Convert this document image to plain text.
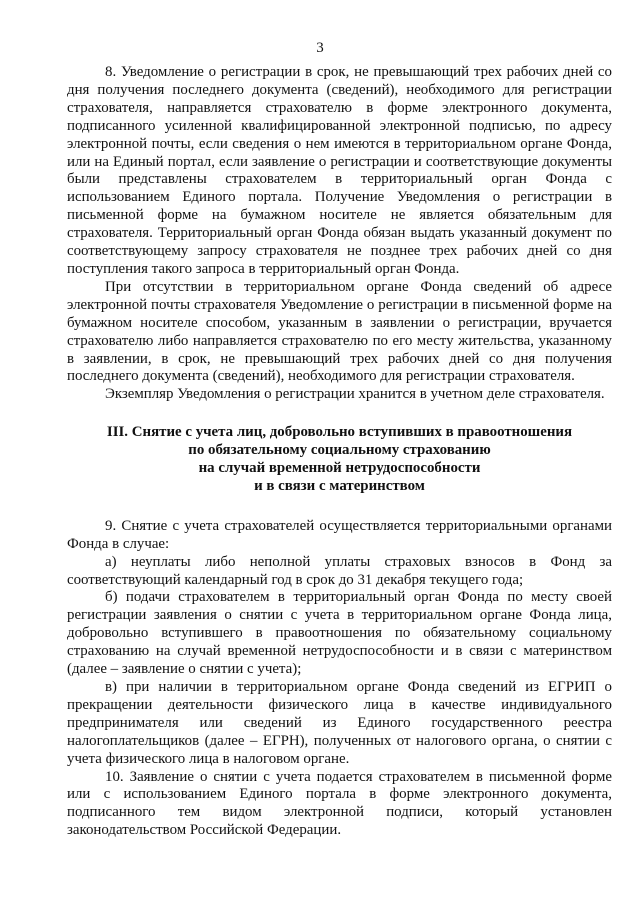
3

8. Уведомление о регистрации в срок, не превышающий трех рабочих дней со дня получения последнего документа (сведений), необходимого для регистрации страхователя, направляется страхователю в форме электронного документа, подписанного усиленной квалифицированной электронной подписью, по адресу электронной почты, если сведения о нем имеются в территориальном органе Фонда, или на Единый портал, если заявление о регистрации и соответствующие документы были представлены страхователем в территориальный орган Фонда с использованием Единого портала. Получение Уведомления о регистрации в письменной форме на бумажном носителе не является обязательным для страхователя. Территориальный орган Фонда обязан выдать указанный документ по соответствующему запросу страхователя не позднее трех рабочих дней со дня поступления такого запроса в территориальный орган Фонда.

При отсутствии в территориальном органе Фонда сведений об адресе электронной почты страхователя Уведомление о регистрации в письменной форме на бумажном носителе способом, указанным в заявлении о регистрации, вручается страхователю либо направляется страхователю по его месту жительства, указанному в заявлении, в срок, не превышающий трех рабочих дней со дня получения последнего документа (сведений), необходимого для регистрации страхователя.

Экземпляр Уведомления о регистрации хранится в учетном деле страхователя.

III. Снятие с учета лиц, добровольно вступивших в правоотношения
по обязательному социальному страхованию
на случай временной нетрудоспособности
и в связи с материнством

9. Снятие с учета страхователей осуществляется территориальными органами Фонда в случае:

а) неуплаты либо неполной уплаты страховых взносов в Фонд за соответствующий календарный год в срок до 31 декабря текущего года;

б) подачи страхователем в территориальный орган Фонда по месту своей регистрации заявления о снятии с учета в территориальном органе Фонда лица, добровольно вступившего в правоотношения по обязательному социальному страхованию на случай временной нетрудоспособности и в связи с материнством (далее – заявление о снятии с учета);

в) при наличии в территориальном органе Фонда сведений из ЕГРИП о прекращении деятельности физического лица в качестве индивидуального предпринимателя или сведений из Единого государственного реестра налогоплательщиков (далее – ЕГРН), полученных от налогового органа, о снятии с учета физического лица в налоговом органе.

10. Заявление о снятии с учета подается страхователем в письменной форме или с использованием Единого портала в форме электронного документа, подписанного тем видом электронной подписи, который установлен законодательством Российской Федерации.
